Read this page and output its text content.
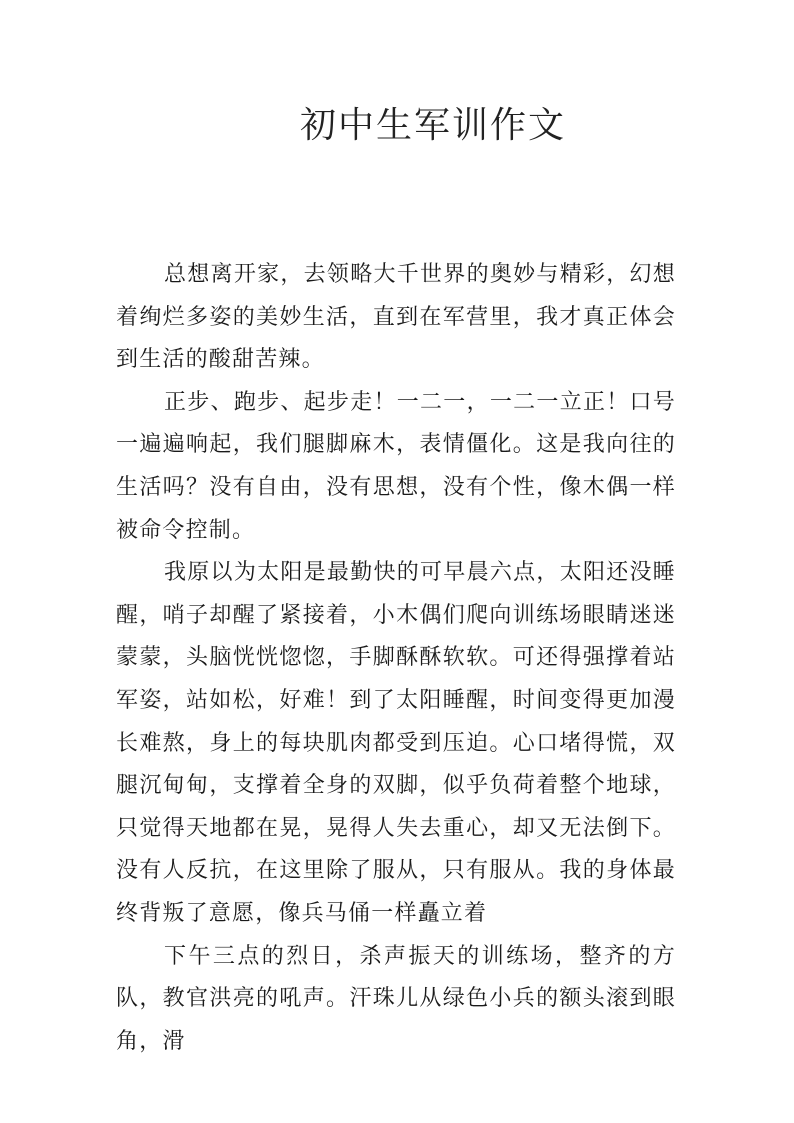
初中生军训作文

总想离开家，去领略大千世界的奥妙与精彩，幻想着绚烂多姿的美妙生活，直到在军营里，我才真正体会到生活的酸甜苦辣。

正步、跑步、起步走！一二一，一二一立正！口号一遍遍响起，我们腿脚麻木，表情僵化。这是我向往的生活吗？没有自由，没有思想，没有个性，像木偶一样被命令控制。

我原以为太阳是最勤快的可早晨六点，太阳还没睡醒，哨子却醒了紧接着，小木偶们爬向训练场眼睛迷迷蒙蒙，头脑恍恍惚惚，手脚酥酥软软。可还得强撑着站军姿，站如松，好难！到了太阳睡醒，时间变得更加漫长难熬，身上的每块肌肉都受到压迫。心口堵得慌，双腿沉甸甸，支撑着全身的双脚，似乎负荷着整个地球，只觉得天地都在晃，晃得人失去重心，却又无法倒下。没有人反抗，在这里除了服从，只有服从。我的身体最终背叛了意愿，像兵马俑一样矗立着

下午三点的烈日，杀声振天的训练场，整齐的方队，教官洪亮的吼声。汗珠儿从绿色小兵的额头滚到眼角，滑
